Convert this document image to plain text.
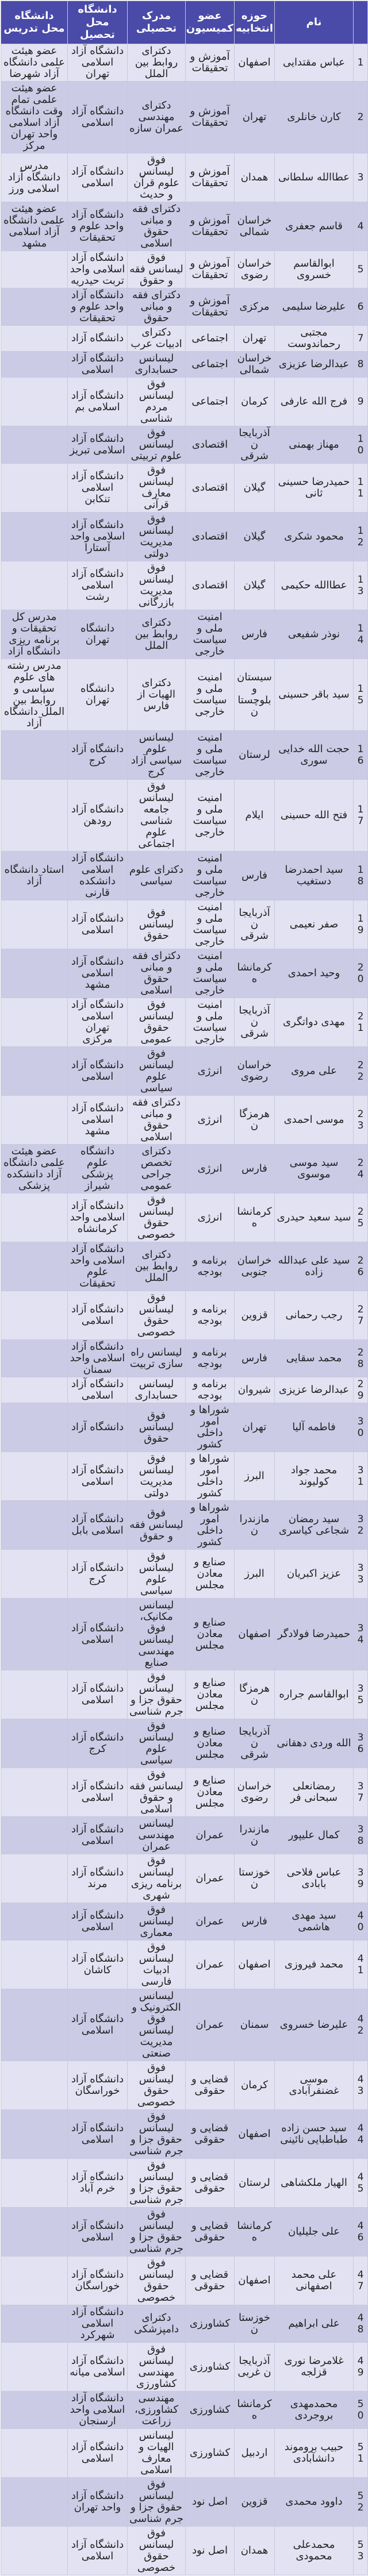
	نام	حوزه انتخابیه	عضو کمیسیون	مدرک تحصیلی	دانشگاه محل تحصیل	دانشگاه محل تدریس
1	عباس مقتدایی	اصفهان	آموزش و تحقیقات	دکترای روابط بین الملل	دانشگاه آزاد اسلامی تهران	عضو هیئت علمی دانشگاه آزاد شهرضا
2	کارن خانلری	تهران	آموزش و تحقیقات	دکترای مهندسی عمران سازه	دانشگاه آزاد اسلامی	عضو هیئت علمی تمام وقت دانشگاه آزاد اسلامی واحد تهران مرکز
3	عطاالله سلطانی	همدان	آموزش و تحقیقات	فوق لیسانس علوم قرآن و حدیث	دانشگاه آزاد اسلامی	مدرس دانشگاه آزاد اسلامی ورز
4	قاسم جعفری	خراسان شمالی	آموزش و تحقیقات	دکترای فقه و مبانی حقوق اسلامی	دانشگاه آزاد واحد علوم و تحقیقات	عضو هیئت علمی دانشگاه آزاد اسلامی مشهد
5	ابوالقاسم خسروی	خراسان رضوی	آموزش و تحقیقات	فوق لیسانس فقه و حقوق	دانشگاه آزاد اسلامی واحد تربت حیدریه	
6	علیرضا سلیمی	مرکزی	آموزش و تحقیقات	دکترای فقه و مبانی حقوق	دانشگاه آزاد واحد علوم و تحقیقات	
7	مجتبی رحماندوست	تهران	اجتماعی	دکترای ادبیات عرب	دانشگاه آزاد	
8	عبدالرضا عزیزی	خراسان شمالی	اجتماعی	لیسانس حسابداری	دانشگاه آزاد اسلامی	
9	فرج الله عارفی	کرمان	اجتماعی	فوق لیسانس مردم شناسی	دانشگاه آزاد اسلامی بم	
10	مهناز بهمنی	آذربایجان شرقی	اقتصادی	فوق لیسانس علوم تربیتی	دانشگاه آزاد اسلامی تبریز	
11	حمیدرضا حسینی ثانی	گیلان	اقتصادی	فوق لیسانس معارف قرآنی	دانشگاه آزاد اسلامی تنکابن	
12	محمود شکری	گیلان	اقتصادی	فوق لیسانس مدیریت دولتی	دانشگاه آزاد اسلامی واحد آستارا	
13	عطاالله حکیمی	گیلان	اقتصادی	فوق لیسانس مدیریت بازرگانی	دانشگاه آزاد اسلامی رشت	
14	نوذر شفیعی	فارس	امنیت ملی و سیاست خارجی	دکترای روابط بین الملل	دانشگاه تهران	مدرس کل تحقیقات و برنامه ریزی دانشگاه آزاد
15	سید باقر حسینی	سیستان و بلوچستان	امنیت ملی و سیاست خارجی	دکترای الهیات از فارس	دانشگاه تهران	مدرس رشته های علوم سیاسی و روابط بین الملل دانشگاه آزاد
16	حجت الله خدایی سوری	لرستان	امنیت ملی و سیاست خارجی	لیسانس علوم سیاسی آزاد کرج	دانشگاه آزاد کرج	
17	فتح الله حسینی	ایلام	امنیت ملی و سیاست خارجی	فوق لیسانس جامعه شناسی علوم اجتماعی	دانشگاه آزاد رودهن	
18	سید احمدرضا دستغیب	فارس	امنیت ملی و سیاست خارجی	دکترای علوم سیاسی	دانشگاه آزاد اسلامی دانشکده قارنی	استاد دانشگاه آزاد
19	صفر نعیمی	آذربایجان شرقی	امنیت ملی و سیاست خارجی	فوق لیسانس حقوق	دانشگاه آزاد اسلامی	
20	وحید احمدی	کرمانشاه	امنیت ملی و سیاست خارجی	دکترای فقه و مبانی حقوق اسلامی	دانشگاه آزاد اسلامی مشهد	
21	مهدی دواتگری	آذربایجان شرقی	امنیت ملی و سیاست خارجی	فوق لیسانس حقوق عمومی	دانشگاه آزاد اسلامی تهران مرکزی	
22	علی مروی	خراسان رضوی	انرژی	فوق لیسانس علوم سیاسی	دانشگاه آزاد اسلامی	
23	موسی احمدی	هرمزگان	انرژی	دکترای فقه و مبانی حقوق اسلامی	دانشگاه آزاد اسلامی مشهد	
24	سید موسی موسوی	فارس	انرژی	دکترای تخصص جراحی عمومی	دانشگاه علوم پزشکی شیراز	عضو هیئت علمی دانشگاه آزاد دانشکده پزشکی
25	سید سعید حیدری	کرمانشاه	انرژی	فوق لیسانس حقوق خصوصی	دانشگاه آزاد اسلامی واحد کرمانشاه	
26	سید علی عبدالله زاده	خراسان جنوبی	برنامه و بودجه	دکترای روابط بین الملل	دانشگاه آزاد اسلامی واحد علوم تحقیقات	
27	رجب رحمانی	قزوین	برنامه و بودجه	فوق لیسانس حقوق خصوصی	دانشگاه آزاد اسلامی	
28	محمد سقایی	فارس	برنامه و بودجه	لیسانس راه سازی تربیت	دانشگاه آزاد اسلامی واحد سمنان	
29	عبدالرضا عزیزی	شیروان	برنامه و بودجه	لیسانس حسابداری	دانشگاه آزاد اسلامی	
30	فاطمه آلیا	تهران	شوراها و امور داخلی کشور	فوق لیسانس حقوق	دانشگاه آزاد	
31	محمد جواد کولیوند	البرز	شوراها و امور داخلی کشور	فوق لیسانس مدیریت دولتی	دانشگاه آزاد اسلامی	
32	سید رمضان شجاعی کیاسری	مازندران	شوراها و امور داخلی کشور	فوق لیسانس فقه و حقوق	دانشگاه آزاد اسلامی بابل	
33	عزیز اکبریان	البرز	صنایع و معادن مجلس	فوق لیسانس علوم سیاسی	دانشگاه آزاد کرج	
34	حمیدرضا فولادگر	اصفهان	صنایع و معادن مجلس	لیسانس مکانیک، فوق لیسانس مهندسی صنایع	دانشگاه آزاد اسلامی	
35	ابوالقاسم جراره	هرمزگان	صنایع و معادن مجلس	فوق لیسانس حقوق جزا و جرم شناسی	دانشگاه آزاد اسلامی	
36	الله وردی دهقانی	آذربایجان شرقی	صنایع و معادن مجلس	فوق لیسانس علوم سیاسی	دانشگاه آزاد کرج	
37	رمضانعلی سبحانی فر	خراسان رضوی	صنایع و معادن مجلس	فوق لیسانس فقه و حقوق اسلامی	دانشگاه آزاد اسلامی	
38	کمال علیپور	مازندران	عمران	لیسانس مهندسی عمران	دانشگاه آزاد اسلامی	
39	عباس فلاحی بابادی	خوزستان	عمران	فوق لیسانس برنامه ریزی شهری	دانشگاه آزاد مرند	
40	سید مهدی هاشمی	فارس	عمران	فوق لیسانس معماری	دانشگاه آزاد اسلامی	
41	محمد فیروزی	اصفهان	عمران	فوق لیسانس ادبیات فارسی	دانشگاه آزاد کاشان	
42	علیرضا خسروی	سمنان	عمران	لیسانس الکترونیک و فوق لیسانس مدیریت صنعتی	دانشگاه آزاد اسلامی	
43	موسی غضنفرآبادی	کرمان	قضایی و حقوقی	فوق لیسانس حقوق خصوصی	دانشگاه آزاد خوراسگان	
44	سید حسن زاده طباطبایی نائینی	اصفهان	قضایی و حقوقی	فوق لیسانس حقوق جزا و جرم شناسی	دانشگاه آزاد اسلامی	
45	الهیار ملکشاهی	لرستان	قضایی و حقوقی	فوق لیسانس حقوق جزا و جرم شناسی	دانشگاه آزاد خرم آباد	
46	علی جلیلیان	کرمانشاه	قضایی و حقوقی	فوق لیسانس حقوق جزا و جرم شناسی	دانشگاه آزاد اسلامی	
47	علی محمد اصفهانی	اصفهان	قضایی و حقوقی	فوق لیسانس حقوق خصوصی	دانشگاه آزاد خوراسگان	
48	علی ابراهیم	خوزستان	کشاورزی	دکترای دامپزشکی	دانشگاه آزاد اسلامی شهرکرد	
49	غلامرضا نوری قزلجه	آذربایجان غربی	کشاورزی	فوق لیسانس مهندسی کشاورزی	دانشگاه آزاد اسلامی میانه	
50	محمدمهدی بروجردی	کرمانشاه	کشاورزی	مهندسی کشاورزی، زراعت	دانشگاه آزاد اسلامی واحد ارسنجان	
51	حبیب بروموند دانشآبادی	اردبیل	کشاورزی	لیسانس الهیات و معارف اسلامی	دانشگاه آزاد اسلامی	
52	داوود محمدی	قزوین	اصل نود	فوق لیسانس حقوق جزا و جرم شناسی	دانشگاه آزاد واحد تهران	
53	محمدعلی محمودی	همدان	اصل نود	فوق لیسانس حقوق خصوصی	دانشگاه آزاد اسلامی	
